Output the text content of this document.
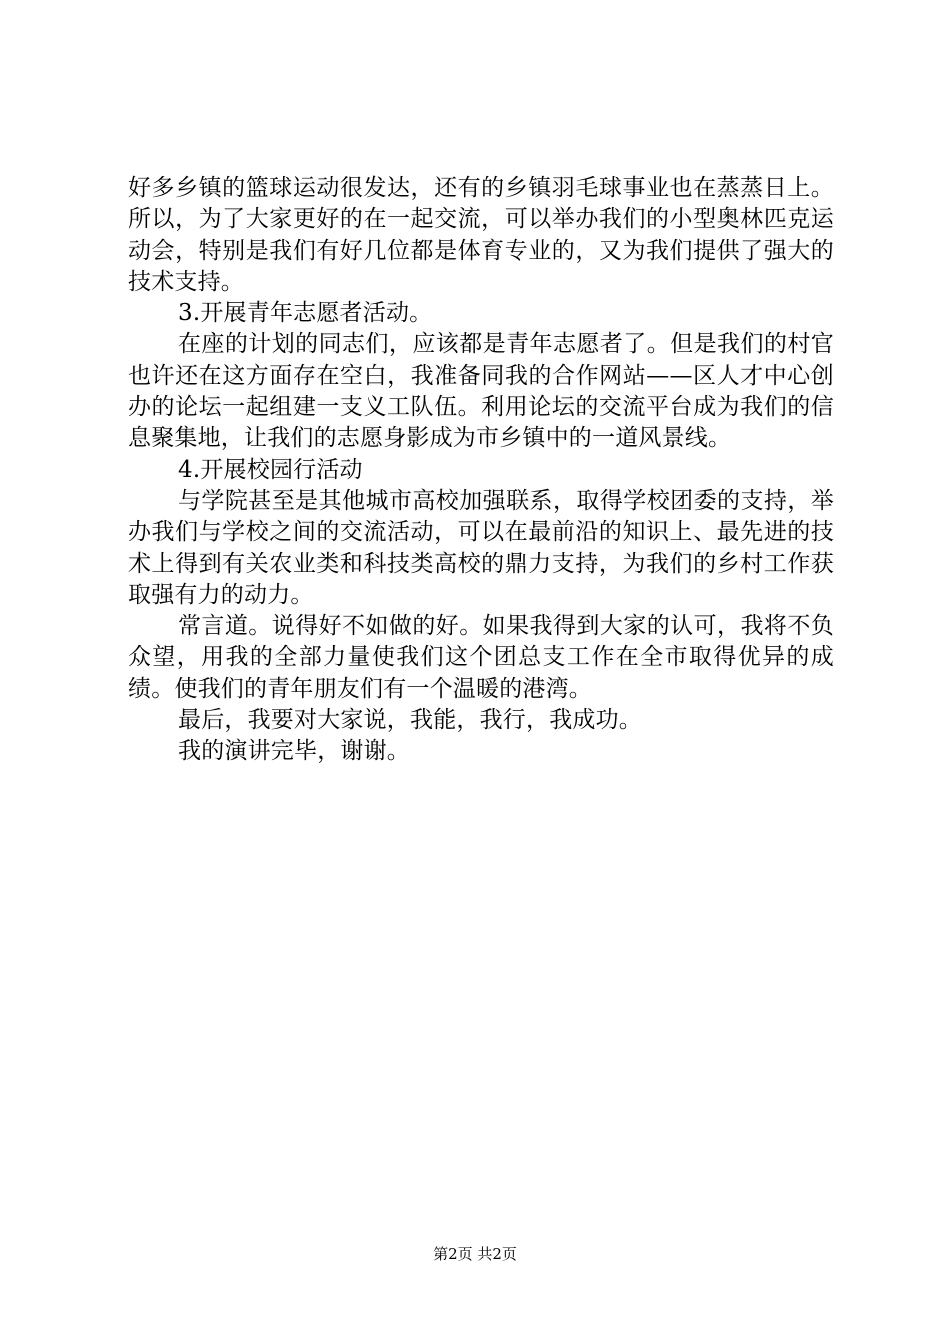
好多乡镇的篮球运动很发达，还有的乡镇羽毛球事业也在蒸蒸日上。所以，为了大家更好的在一起交流，可以举办我们的小型奥林匹克运动会，特别是我们有好几位都是体育专业的，又为我们提供了强大的技术支持。

3.开展青年志愿者活动。

在座的计划的同志们，应该都是青年志愿者了。但是我们的村官也许还在这方面存在空白，我准备同我的合作网站——区人才中心创办的论坛一起组建一支义工队伍。利用论坛的交流平台成为我们的信息聚集地，让我们的志愿身影成为市乡镇中的一道风景线。

4.开展校园行活动

与学院甚至是其他城市高校加强联系，取得学校团委的支持，举办我们与学校之间的交流活动，可以在最前沿的知识上、最先进的技术上得到有关农业类和科技类高校的鼎力支持，为我们的乡村工作获取强有力的动力。

常言道。说得好不如做的好。如果我得到大家的认可，我将不负众望，用我的全部力量使我们这个团总支工作在全市取得优异的成绩。使我们的青年朋友们有一个温暖的港湾。

最后，我要对大家说，我能，我行，我成功。

我的演讲完毕，谢谢。

第2页 共2页
